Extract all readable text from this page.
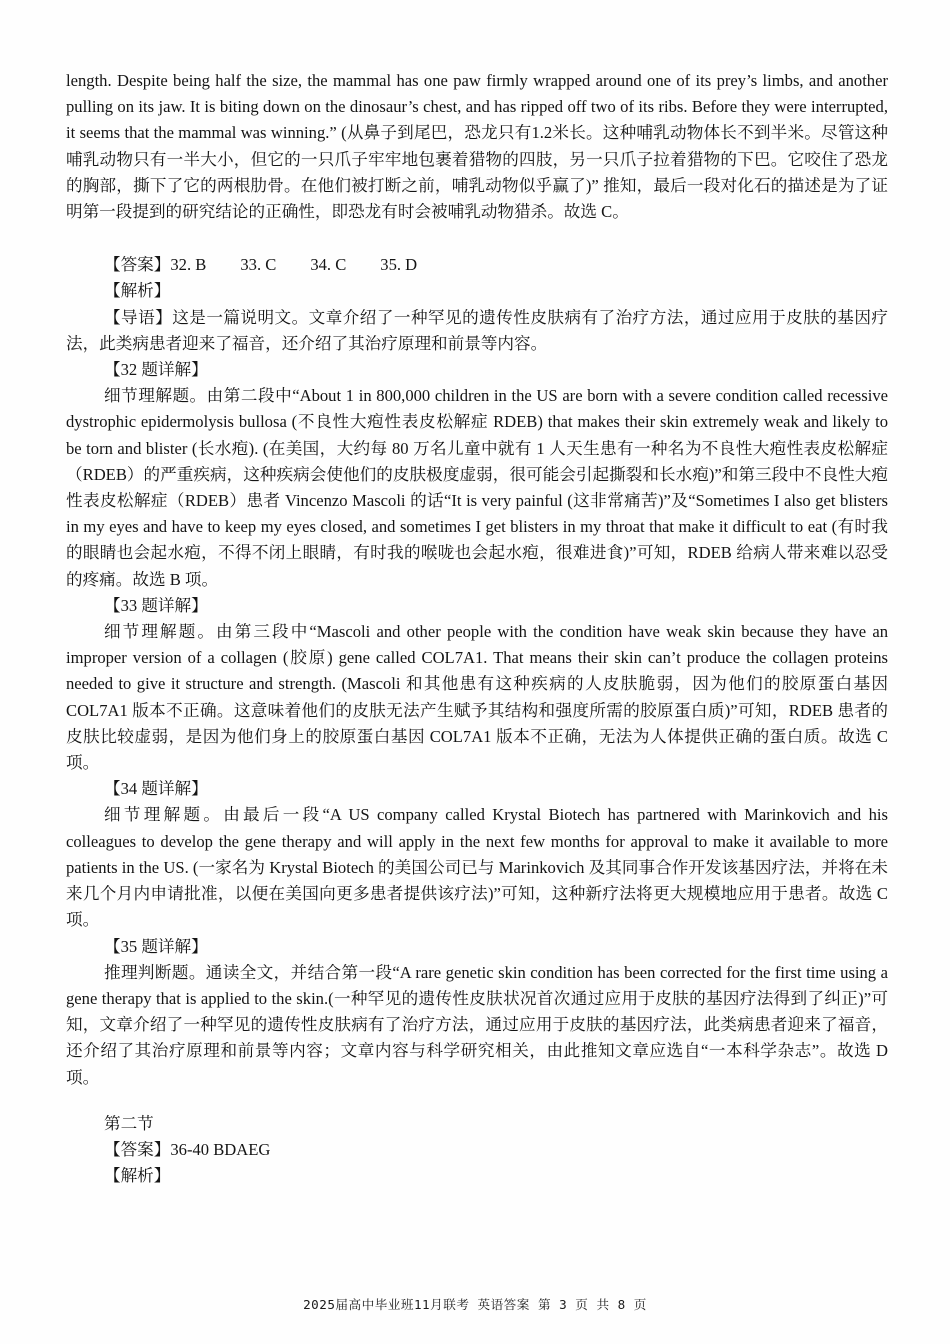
length. Despite being half the size, the mammal has one paw firmly wrapped around one of its prey’s limbs, and another pulling on its jaw. It is biting down on the dinosaur’s chest, and has ripped off two of its ribs. Before they were interrupted, it seems that the mammal was winning.” (从鼻子到尾巴，恐龙只有1.2米长。这种哺乳动物体长不到半米。尽管这种哺乳动物只有一半大小，但它的一只爪子牢牢地包裹着猎物的四肢，另一只爪子拉着猎物的下巴。它咬住了恐龙的胸部，撕下了它的两根肋骨。在他们被打断之前，哺乳动物似乎赢了)” 推知，最后一段对化石的描述是为了证明第一段提到的研究结论的正确性，即恐龙有时会被哺乳动物猎杀。故选 C。

【答案】32. B 33. C 34. C 35. D

【解析】

【导语】这是一篇说明文。文章介绍了一种罕见的遗传性皮肤病有了治疗方法，通过应用于皮肤的基因疗法，此类病患者迎来了福音，还介绍了其治疗原理和前景等内容。

【32 题详解】

细节理解题。由第二段中“About 1 in 800,000 children in the US are born with a severe condition called recessive dystrophic epidermolysis bullosa (不良性大疱性表皮松解症 RDEB) that makes their skin extremely weak and likely to be torn and blister (长水疱). (在美国，大约每 80 万名儿童中就有 1 人天生患有一种名为不良性大疱性表皮松解症（RDEB）的严重疾病，这种疾病会使他们的皮肤极度虚弱，很可能会引起撕裂和长水疱)”和第三段中不良性大疱性表皮松解症（RDEB）患者 Vincenzo Mascoli 的话“It is very painful (这非常痛苦)”及“Sometimes I also get blisters in my eyes and have to keep my eyes closed, and sometimes I get blisters in my throat that make it difficult to eat (有时我的眼睛也会起水疱，不得不闭上眼睛，有时我的喉咙也会起水疱，很难进食)”可知，RDEB 给病人带来难以忍受的疼痛。故选 B 项。

【33 题详解】

细节理解题。由第三段中“Mascoli and other people with the condition have weak skin because they have an improper version of a collagen (胶原) gene called COL7A1. That means their skin can’t produce the collagen proteins needed to give it structure and strength. (Mascoli 和其他患有这种疾病的人皮肤脆弱，因为他们的胶原蛋白基因 COL7A1 版本不正确。这意味着他们的皮肤无法产生赋予其结构和强度所需的胶原蛋白质)”可知，RDEB 患者的皮肤比较虚弱，是因为他们身上的胶原蛋白基因 COL7A1 版本不正确，无法为人体提供正确的蛋白质。故选 C 项。

【34 题详解】

细节理解题。由最后一段“A US company called Krystal Biotech has partnered with Marinkovich and his colleagues to develop the gene therapy and will apply in the next few months for approval to make it available to more patients in the US. (一家名为 Krystal Biotech 的美国公司已与 Marinkovich 及其同事合作开发该基因疗法，并将在未来几个月内申请批准，以便在美国向更多患者提供该疗法)”可知，这种新疗法将更大规模地应用于患者。故选 C 项。

【35 题详解】

推理判断题。通读全文，并结合第一段“A rare genetic skin condition has been corrected for the first time using a gene therapy that is applied to the skin.(一种罕见的遗传性皮肤状况首次通过应用于皮肤的基因疗法得到了纠正)”可知，文章介绍了一种罕见的遗传性皮肤病有了治疗方法，通过应用于皮肤的基因疗法，此类病患者迎来了福音，还介绍了其治疗原理和前景等内容；文章内容与科学研究相关，由此推知文章应选自“一本科学杂志”。故选 D 项。

第二节

【答案】36-40 BDAEG

【解析】

2025届高中毕业班11月联考 英语答案 第 3 页 共 8 页
